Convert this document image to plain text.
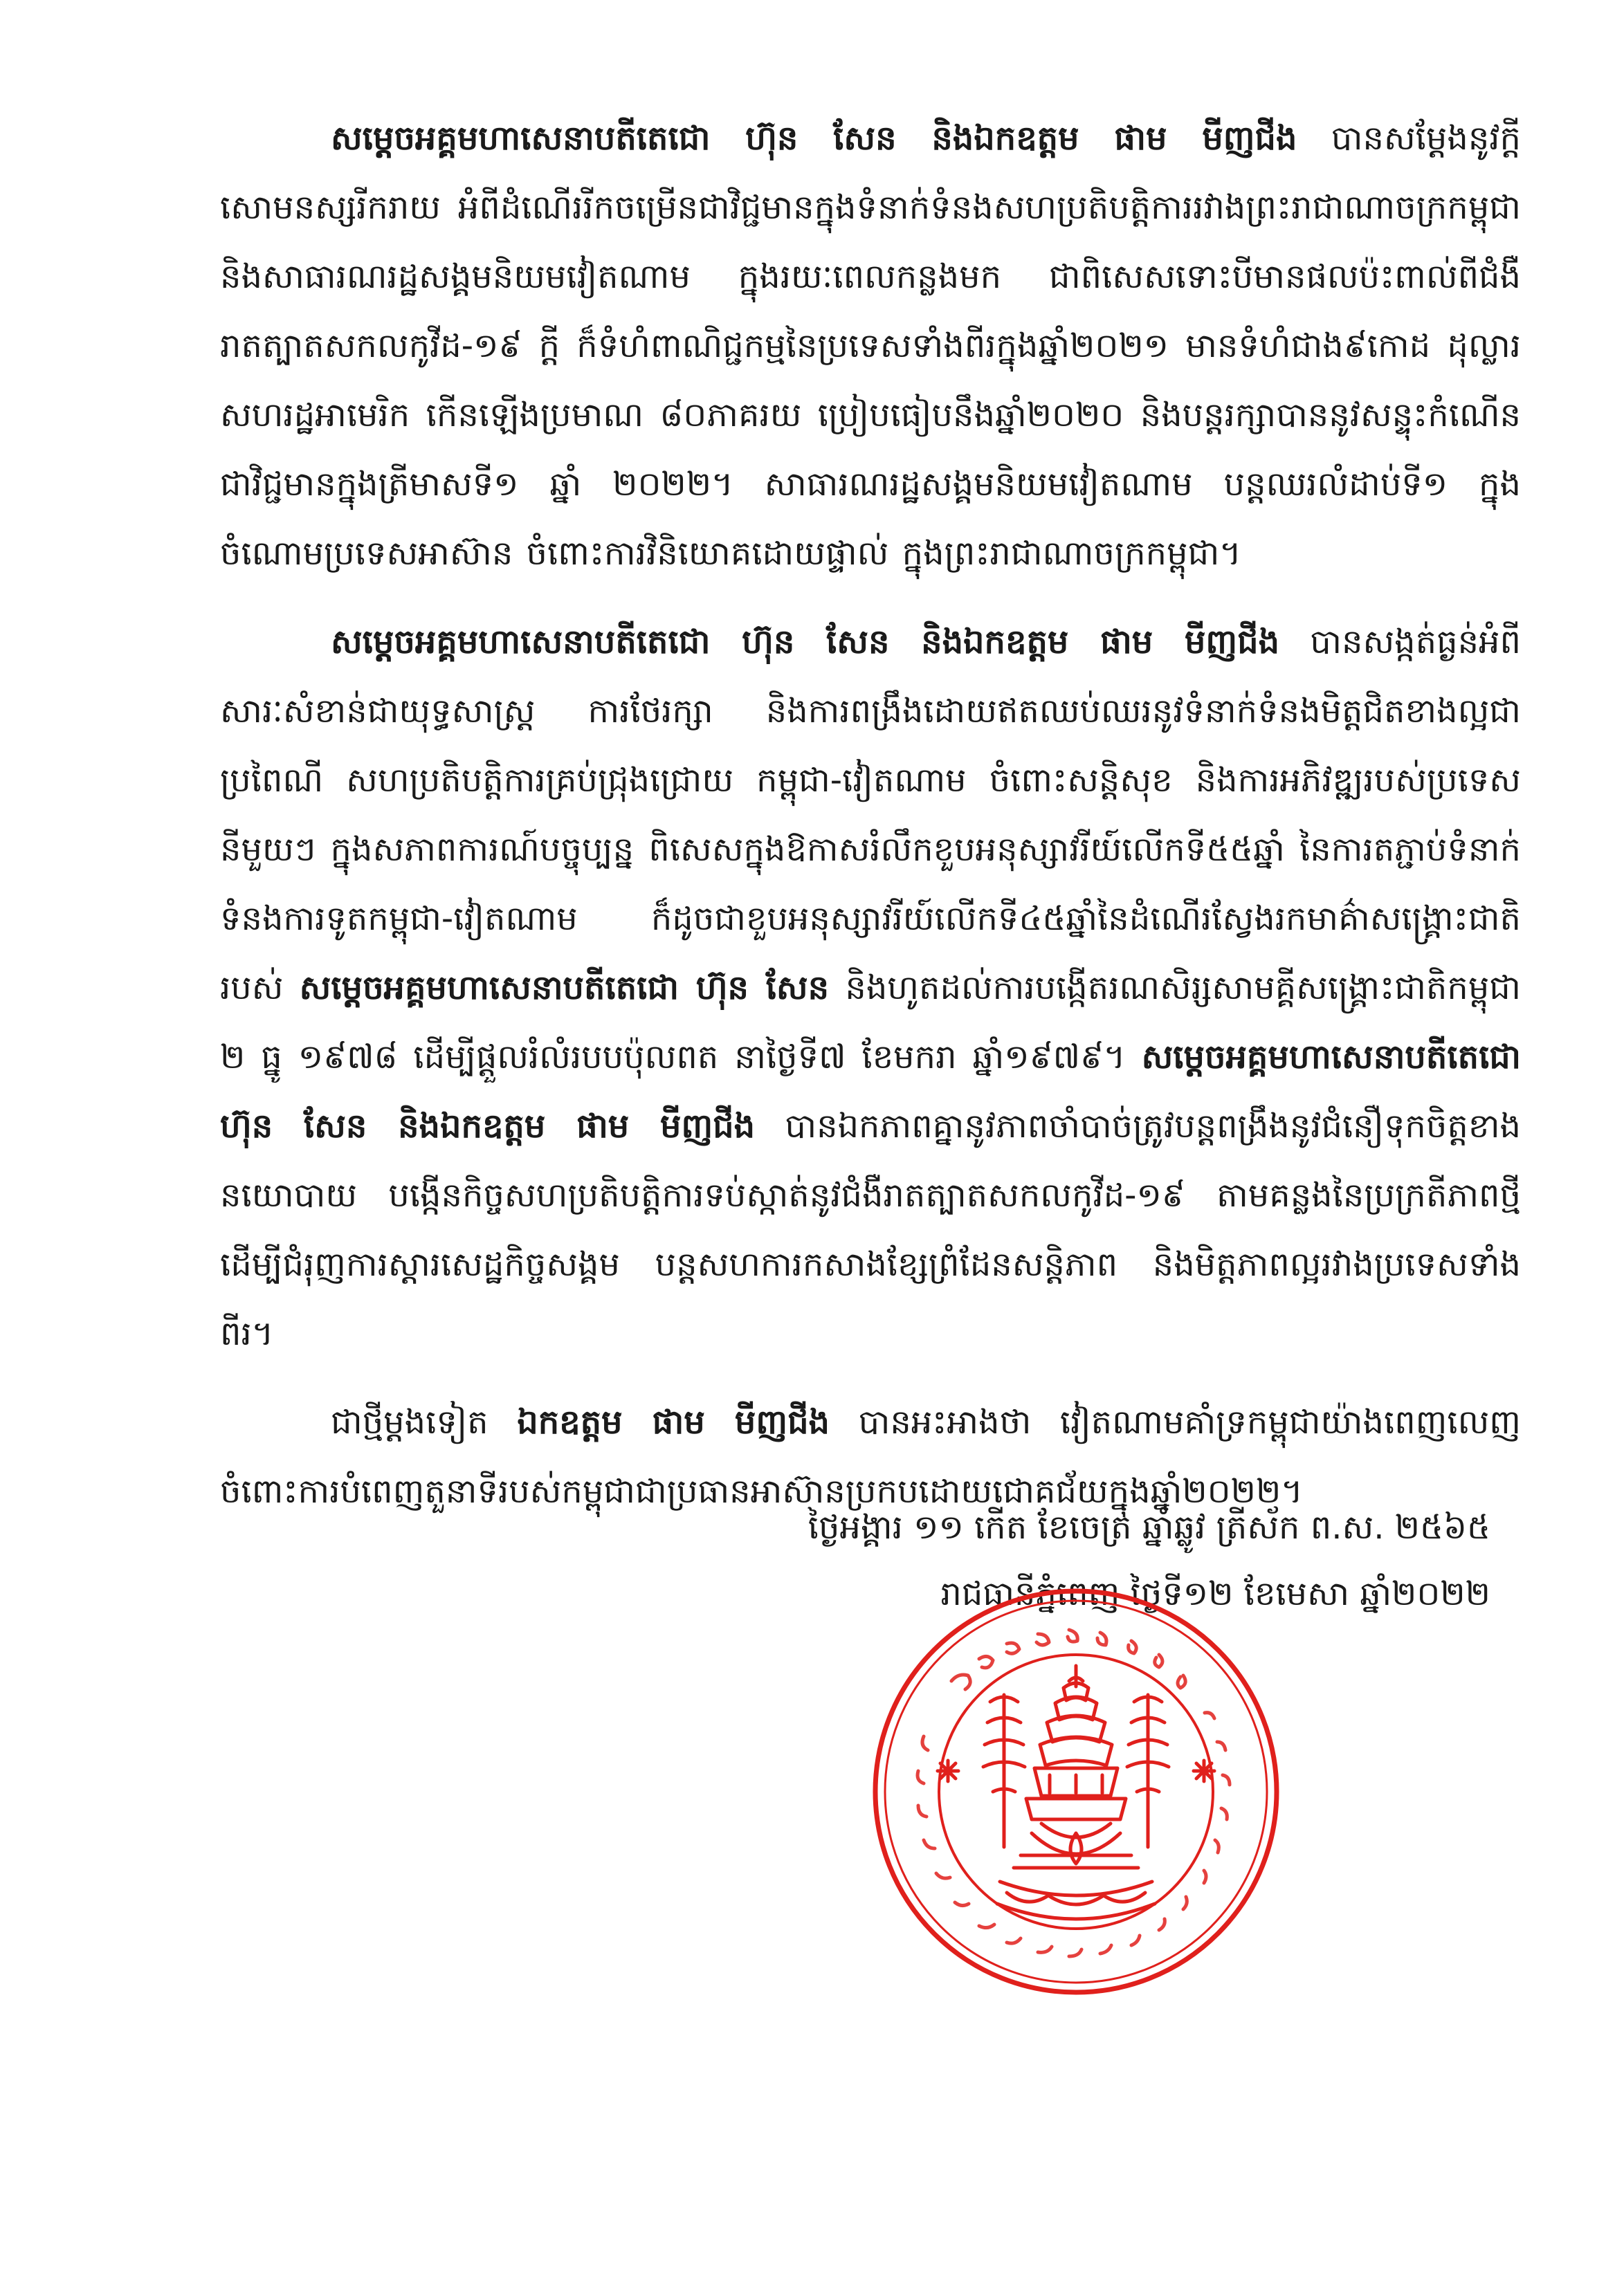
សម្តេចអគ្គមហាសេនាបតីតេជោ ហ៊ុន សែន និងឯកឧត្តម ផាម មីញជីង បានសម្តែងនូវក្តីសោមនស្សរីករាយ អំពីដំណើររីកចម្រើនជាវិជ្ជមានក្នុងទំនាក់ទំនងសហប្រតិបត្តិការរវាងព្រះរាជាណាចក្រកម្ពុជា និងសាធារណរដ្ឋសង្គមនិយមវៀតណាម ក្នុងរយៈពេលកន្លងមក ជាពិសេសទោះបីមានផលប៉ះពាល់ពីជំងឺរាតត្បាតសកលកូវីដ-១៩ ក្តី ក៏ទំហំពាណិជ្ជកម្មនៃប្រទេសទាំងពីរក្នុងឆ្នាំ២០២១ មានទំហំជាង៩កោដ ដុល្លារសហរដ្ឋអាមេរិក កើនឡើងប្រមាណ ៨០ភាគរយ ប្រៀបធៀបនឹងឆ្នាំ២០២០ និងបន្តរក្សាបាននូវសន្ទុះកំណើនជាវិជ្ជមានក្នុងត្រីមាសទី១ ឆ្នាំ ២០២២។ សាធារណរដ្ឋសង្គមនិយមវៀតណាម បន្តឈរលំដាប់ទី១ ក្នុងចំណោមប្រទេសអាស៊ាន ចំពោះការវិនិយោគដោយផ្ទាល់ ក្នុងព្រះរាជាណាចក្រកម្ពុជា។

សម្តេចអគ្គមហាសេនាបតីតេជោ ហ៊ុន សែន និងឯកឧត្តម ផាម មីញជីង បានសង្កត់ធ្ងន់អំពីសារៈសំខាន់ជាយុទ្ធសាស្ត្រ ការថែរក្សា និងការពង្រឹងដោយឥតឈប់ឈរនូវទំនាក់ទំនងមិត្តជិតខាងល្អជាប្រពៃណី សហប្រតិបត្តិការគ្រប់ជ្រុងជ្រោយ កម្ពុជា-វៀតណាម ចំពោះសន្តិសុខ និងការអភិវឌ្ឍរបស់ប្រទេសនីមួយៗ ក្នុងសភាពការណ៍បច្ចុប្បន្ន ពិសេសក្នុងឱកាសរំលឹកខួបអនុស្សាវរីយ៍លើកទី៥៥ឆ្នាំ នៃការតភ្ជាប់ទំនាក់ទំនងការទូតកម្ពុជា-វៀតណាម ក៏ដូចជាខួបអនុស្សាវរីយ៍លើកទី៤៥ឆ្នាំនៃដំណើរស្វែងរកមាគ៌ាសង្គ្រោះជាតិរបស់ សម្តេចអគ្គមហាសេនាបតីតេជោ ហ៊ុន សែន និងហូតដល់ការបង្កើតរណសិរ្សសាមគ្គីសង្គ្រោះជាតិកម្ពុជា ២ ធ្នូ ១៩៧៨ ដើម្បីផ្តួលរំលំរបបប៉ុលពត នាថ្ងៃទី៧ ខែមករា ឆ្នាំ១៩៧៩។ សម្តេចអគ្គមហាសេនាបតីតេជោ ហ៊ុន សែន និងឯកឧត្តម ផាម មីញជីង បានឯកភាពគ្នានូវភាពចាំបាច់ត្រូវបន្តពង្រឹងនូវជំនឿទុកចិត្តខាងនយោបាយ បង្កើនកិច្ចសហប្រតិបត្តិការទប់ស្កាត់នូវជំងឺរាតត្បាតសកលកូវីដ-១៩ តាមគន្លងនៃប្រក្រតីភាពថ្មី ដើម្បីជំរុញការស្តារសេដ្ឋកិច្ចសង្គម បន្តសហការកសាងខ្សែព្រំដែនសន្តិភាព និងមិត្តភាពល្អរវាងប្រទេសទាំងពីរ។

ជាថ្មីម្តងទៀត ឯកឧត្តម ផាម មីញជីង បានអះអាងថា វៀតណាមគាំទ្រកម្ពុជាយ៉ាងពេញលេញចំពោះការបំពេញតួនាទីរបស់កម្ពុជាជាប្រធានអាស៊ានប្រកបដោយជោគជ័យក្នុងឆ្នាំ២០២២។

ថ្ងៃអង្គារ ១១ កើត ខែចេត្រ ឆ្នាំឆ្លូវ ត្រីស័ក ព.ស. ២៥៦៥
រាជធានីភ្នំពេញ ថ្ងៃទី១២ ខែមេសា ឆ្នាំ២០២២
